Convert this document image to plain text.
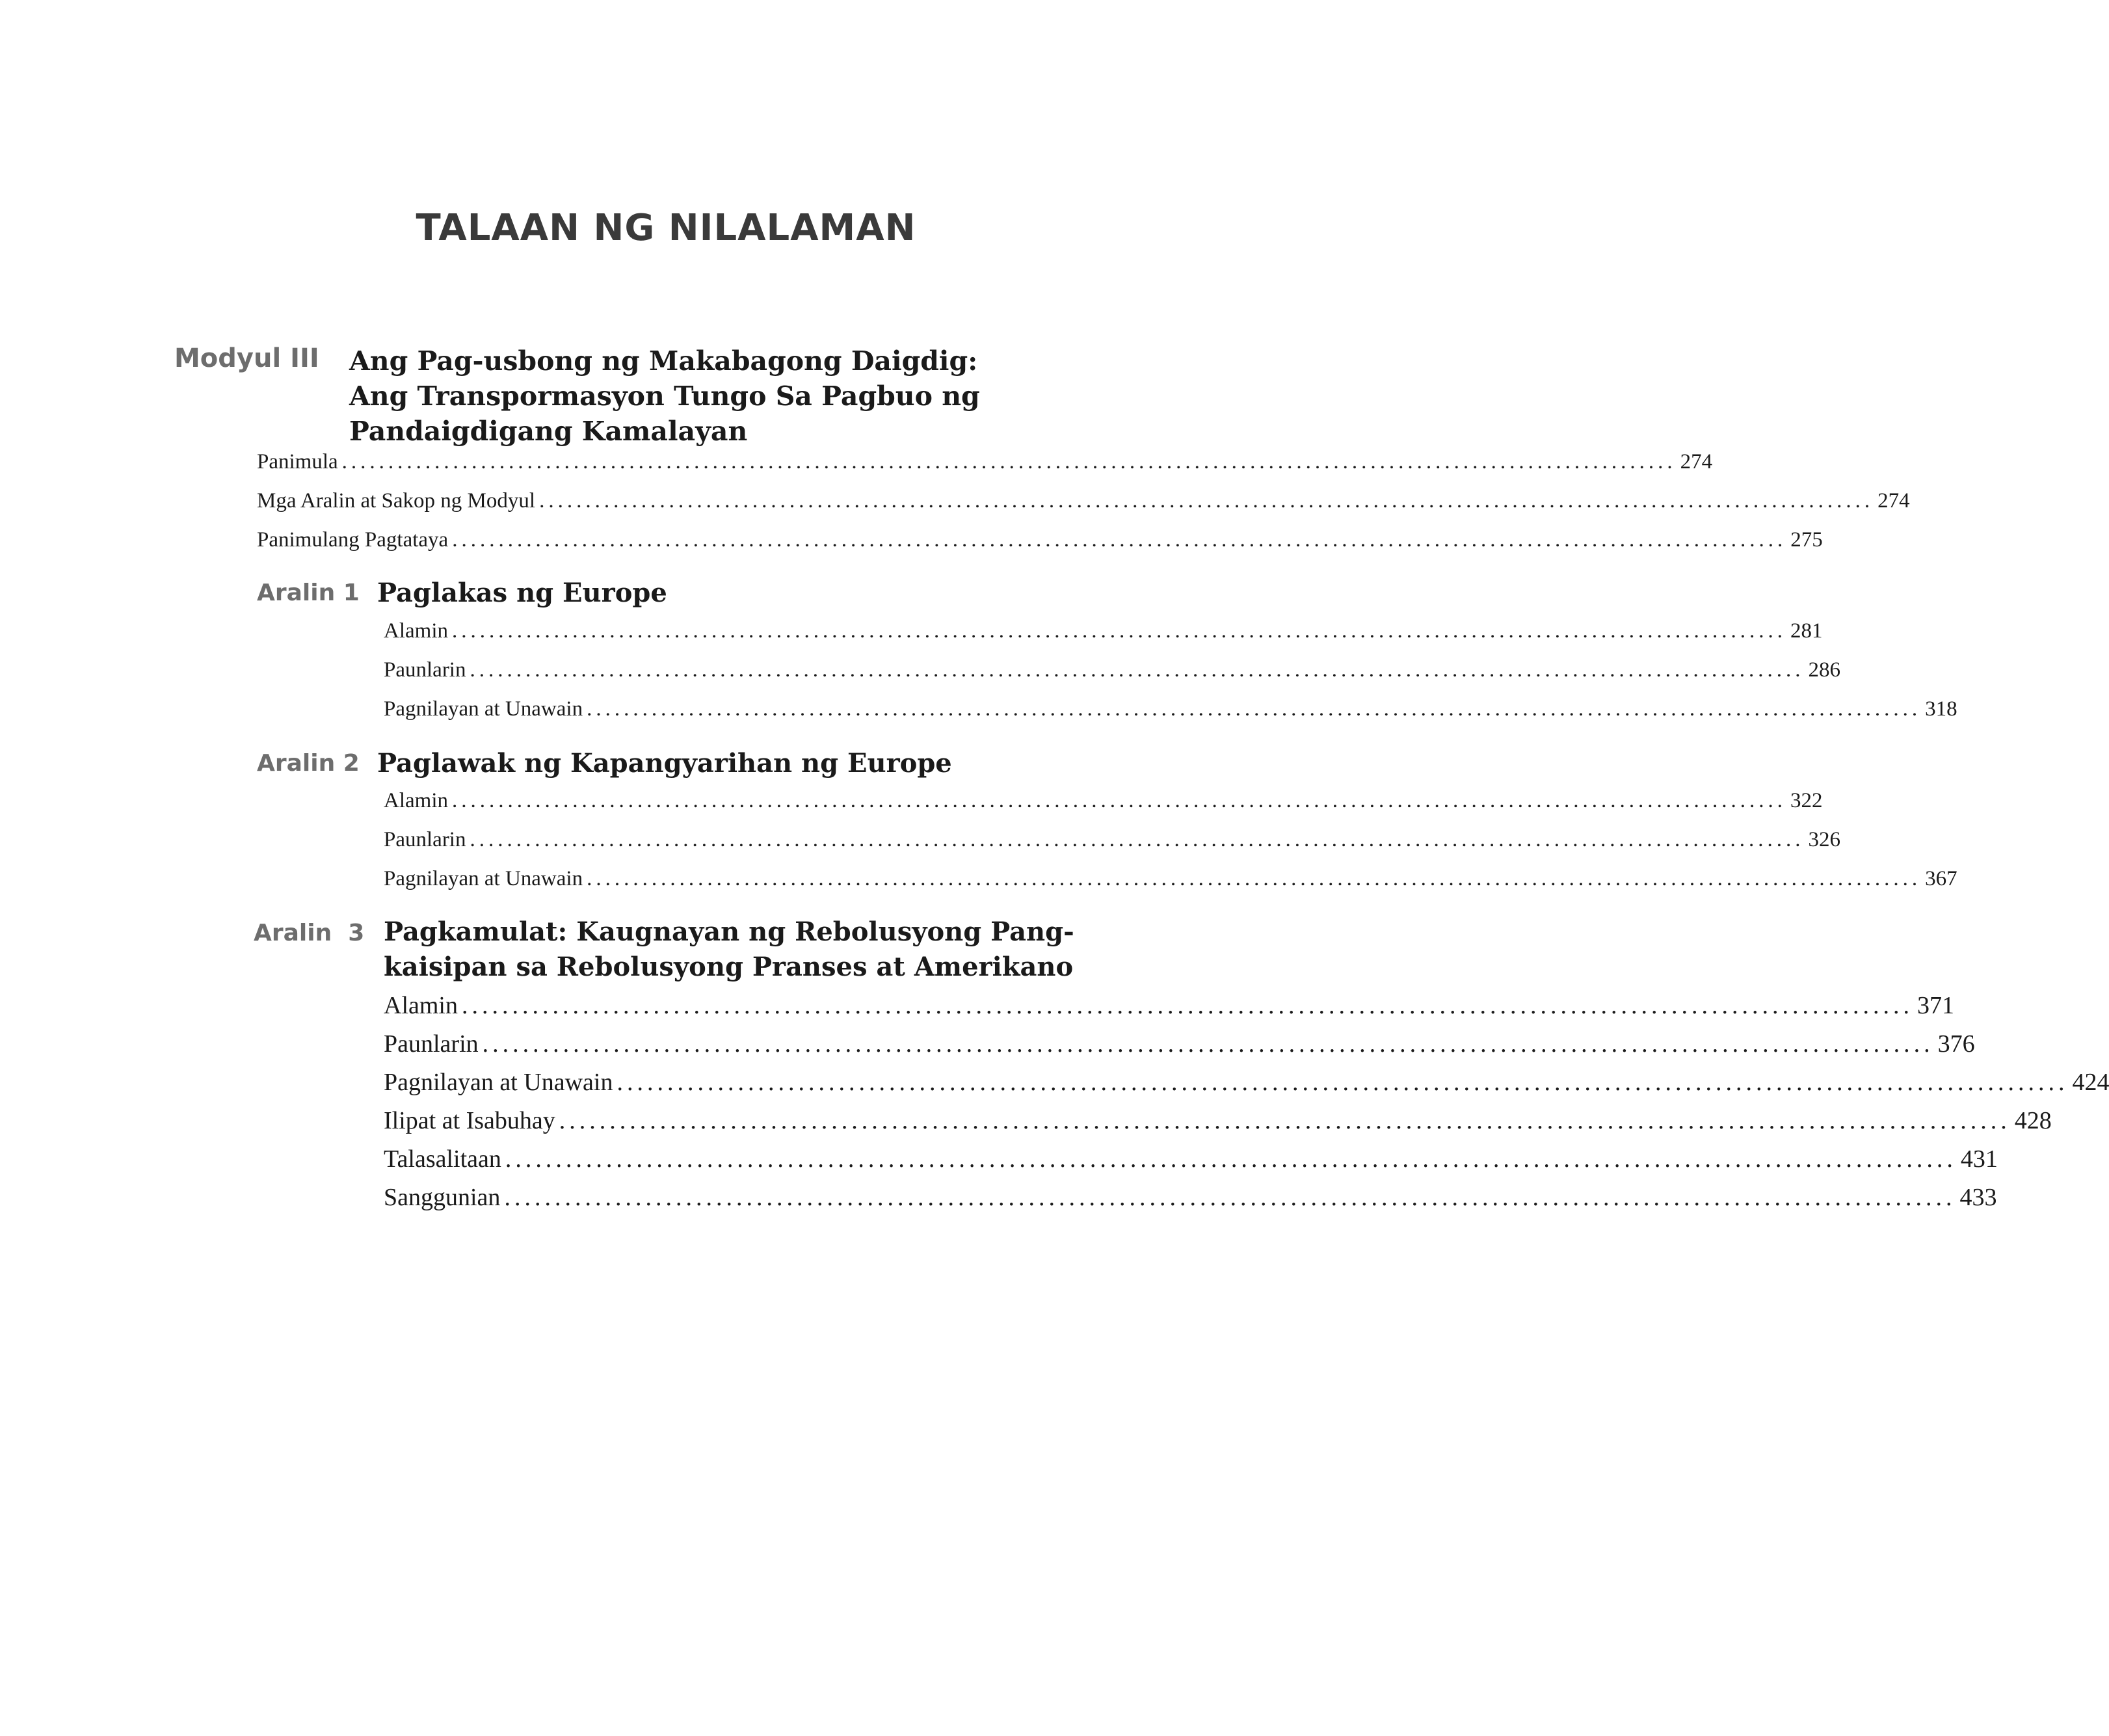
TALAAN NG NILALAMAN
Modyul III Ang Pag-usbong ng Makabagong Daigdig:
Ang Transpormasyon Tungo Sa Pagbuo ng
Pandaigdigang Kamalayan
Panimula ................................................................................................................................................ 274
Mga Aralin at Sakop ng Modyul ................................................................................................................................................ 274
Panimulang Pagtataya ................................................................................................................................................ 275
Aralin 1 Paglakas ng Europe
Alamin ................................................................................................................................................ 281
Paunlarin ................................................................................................................................................ 286
Pagnilayan at Unawain ................................................................................................................................................ 318
Aralin 2 Paglawak ng Kapangyarihan ng Europe
Alamin ................................................................................................................................................ 322
Paunlarin ................................................................................................................................................ 326
Pagnilayan at Unawain ................................................................................................................................................ 367
Aralin  3 Pagkamulat: Kaugnayan ng Rebolusyong Pang-
kaisipan sa Rebolusyong Pranses at Amerikano
Alamin ................................................................................................................................................ 371
Paunlarin ................................................................................................................................................ 376
Pagnilayan at Unawain ................................................................................................................................................ 424
Ilipat at Isabuhay ................................................................................................................................................ 428
Talasalitaan ................................................................................................................................................ 431
Sanggunian ................................................................................................................................................ 433
